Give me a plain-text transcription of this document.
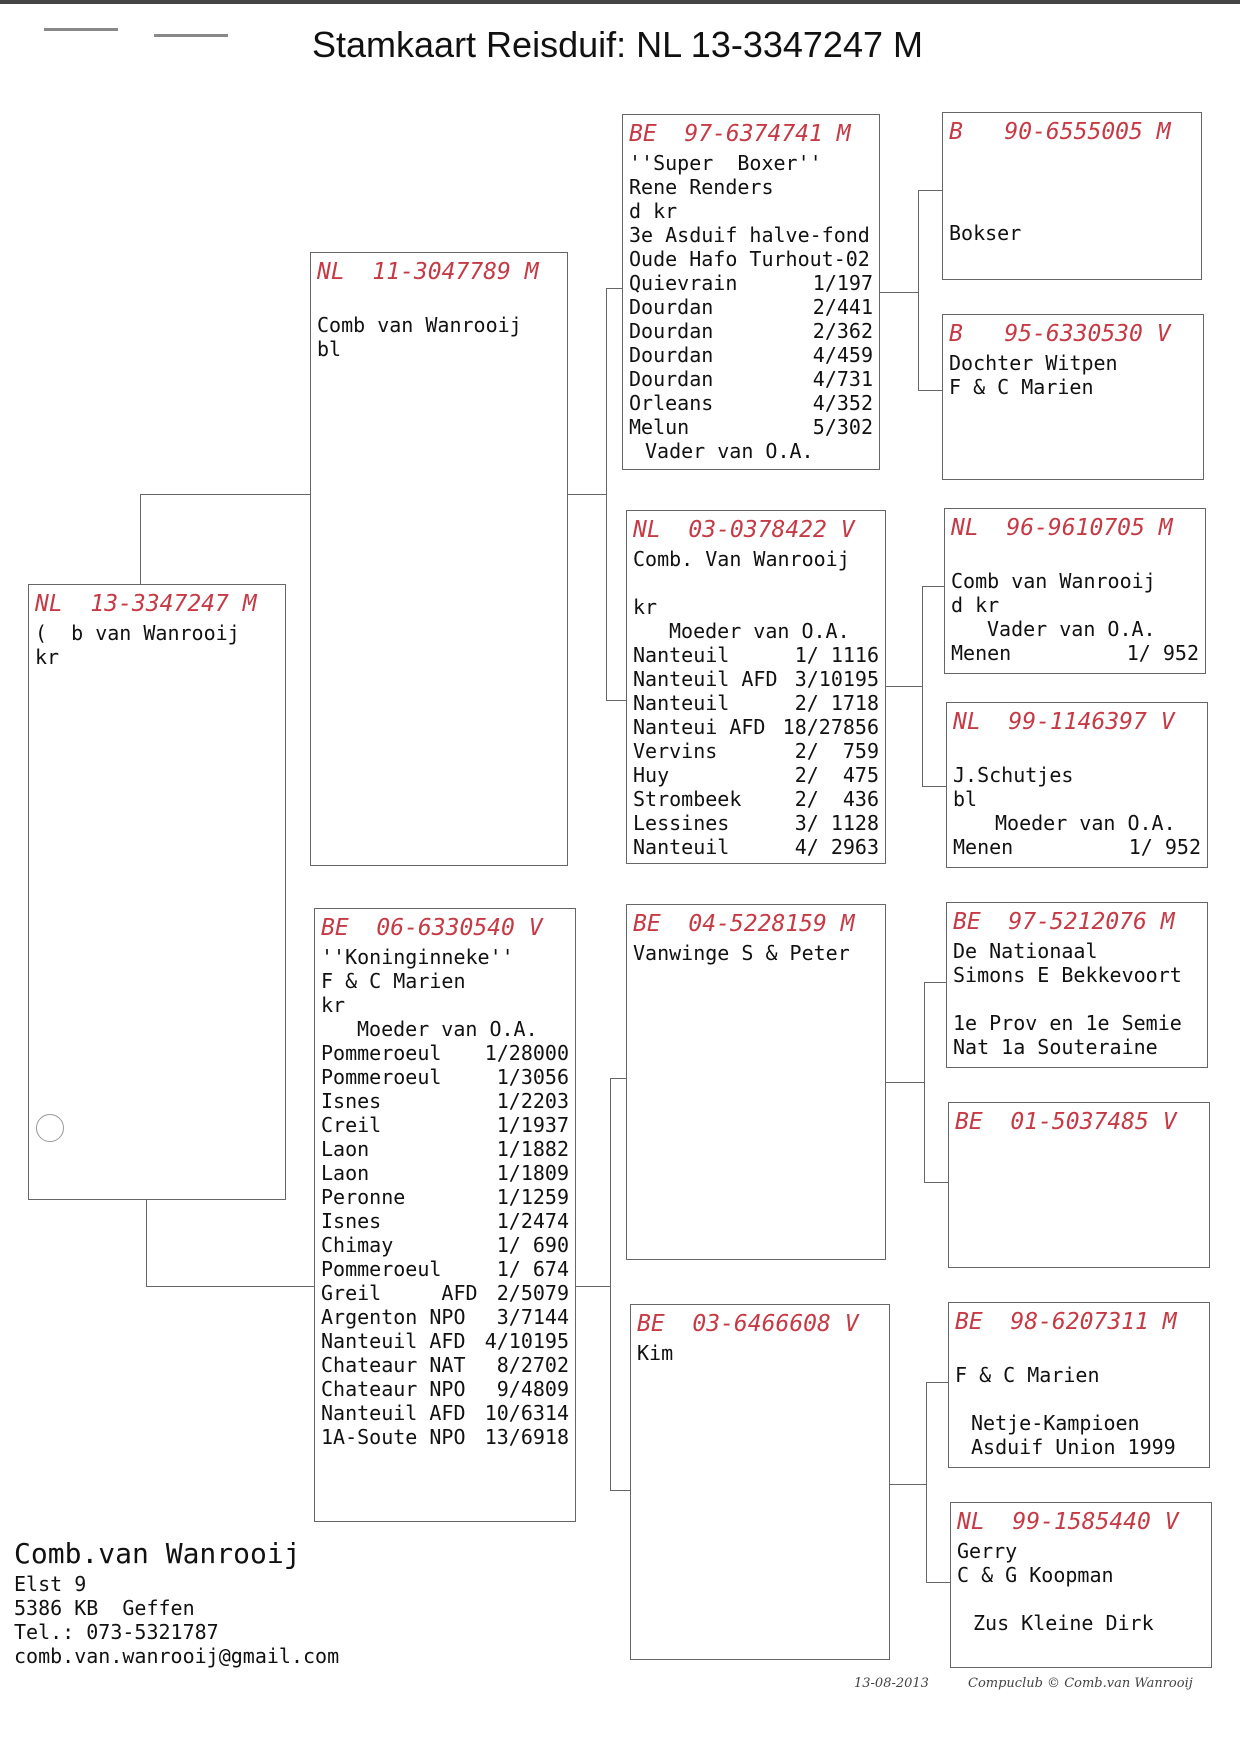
Stamkaart Reisduif: NL 13-3347247 M
NL  13-3347247 M
(  b van Wanrooij
kr
NL  11-3047789 M
Comb van Wanrooij
bl
BE  06-6330540 V
''Koninginneke''
F & C Marien
kr
Moeder van O.A.
Pommeroeul 1/28000
Pommeroeul	1/3056
Isnes	1/2203
Creil	1/1937
Laon	1/1882
Laon	1/1809
Peronne	1/1259
Isnes	1/2474
Chimay	1/ 690
Pommeroeul	1/ 674
Greil     AFD 2/5079
Argenton NPO 3/7144
Nanteuil AFD 4/10195
Chateaur NAT 8/2702
Chateaur NPO 9/4809
Nanteuil AFD 10/6314
1A-Soute NPO 13/6918
BE  97-6374741 M
''Super  Boxer''
Rene Renders
d kr
3e Asduif halve-fond
Oude Hafo Turhout-02
Quievrain	1/197
Dourdan	2/441
Dourdan	2/362
Dourdan	4/459
Dourdan	4/731
Orleans	4/352
Melun	5/302
Vader van O.A.
NL  03-0378422 V
Comb. Van Wanrooij
kr
Moeder van O.A.
Nanteuil	1/ 1116
Nanteuil AFD 3/10195
Nanteuil	2/ 1718
Nanteui AFD 18/27856
Vervins	2/  759
Huy	2/  475
Strombeek	2/  436
Lessines	3/ 1128
Nanteuil	4/ 2963
BE  04-5228159 M
Vanwinge S & Peter
BE  03-6466608 V
Kim
B   90-6555005 M
Bokser
B   95-6330530 V
Dochter Witpen
F & C Marien
NL  96-9610705 M
Comb van Wanrooij
d kr
Vader van O.A.
Menen	1/ 952
NL  99-1146397 V
J.Schutjes
bl
Moeder van O.A.
Menen	1/ 952
BE  97-5212076 M
De Nationaal
Simons E Bekkevoort
1e Prov en 1e Semie
Nat 1a Souteraine
BE  01-5037485 V
BE  98-6207311 M
F & C Marien
Netje-Kampioen
Asduif Union 1999
NL  99-1585440 V
Gerry
C & G Koopman
Zus Kleine Dirk
Comb.van Wanrooij
Elst 9
5386 KB  Geffen
Tel.: 073-5321787
comb.van.wanrooij@gmail.com
13-08-2013	Compuclub © Comb.van Wanrooij
